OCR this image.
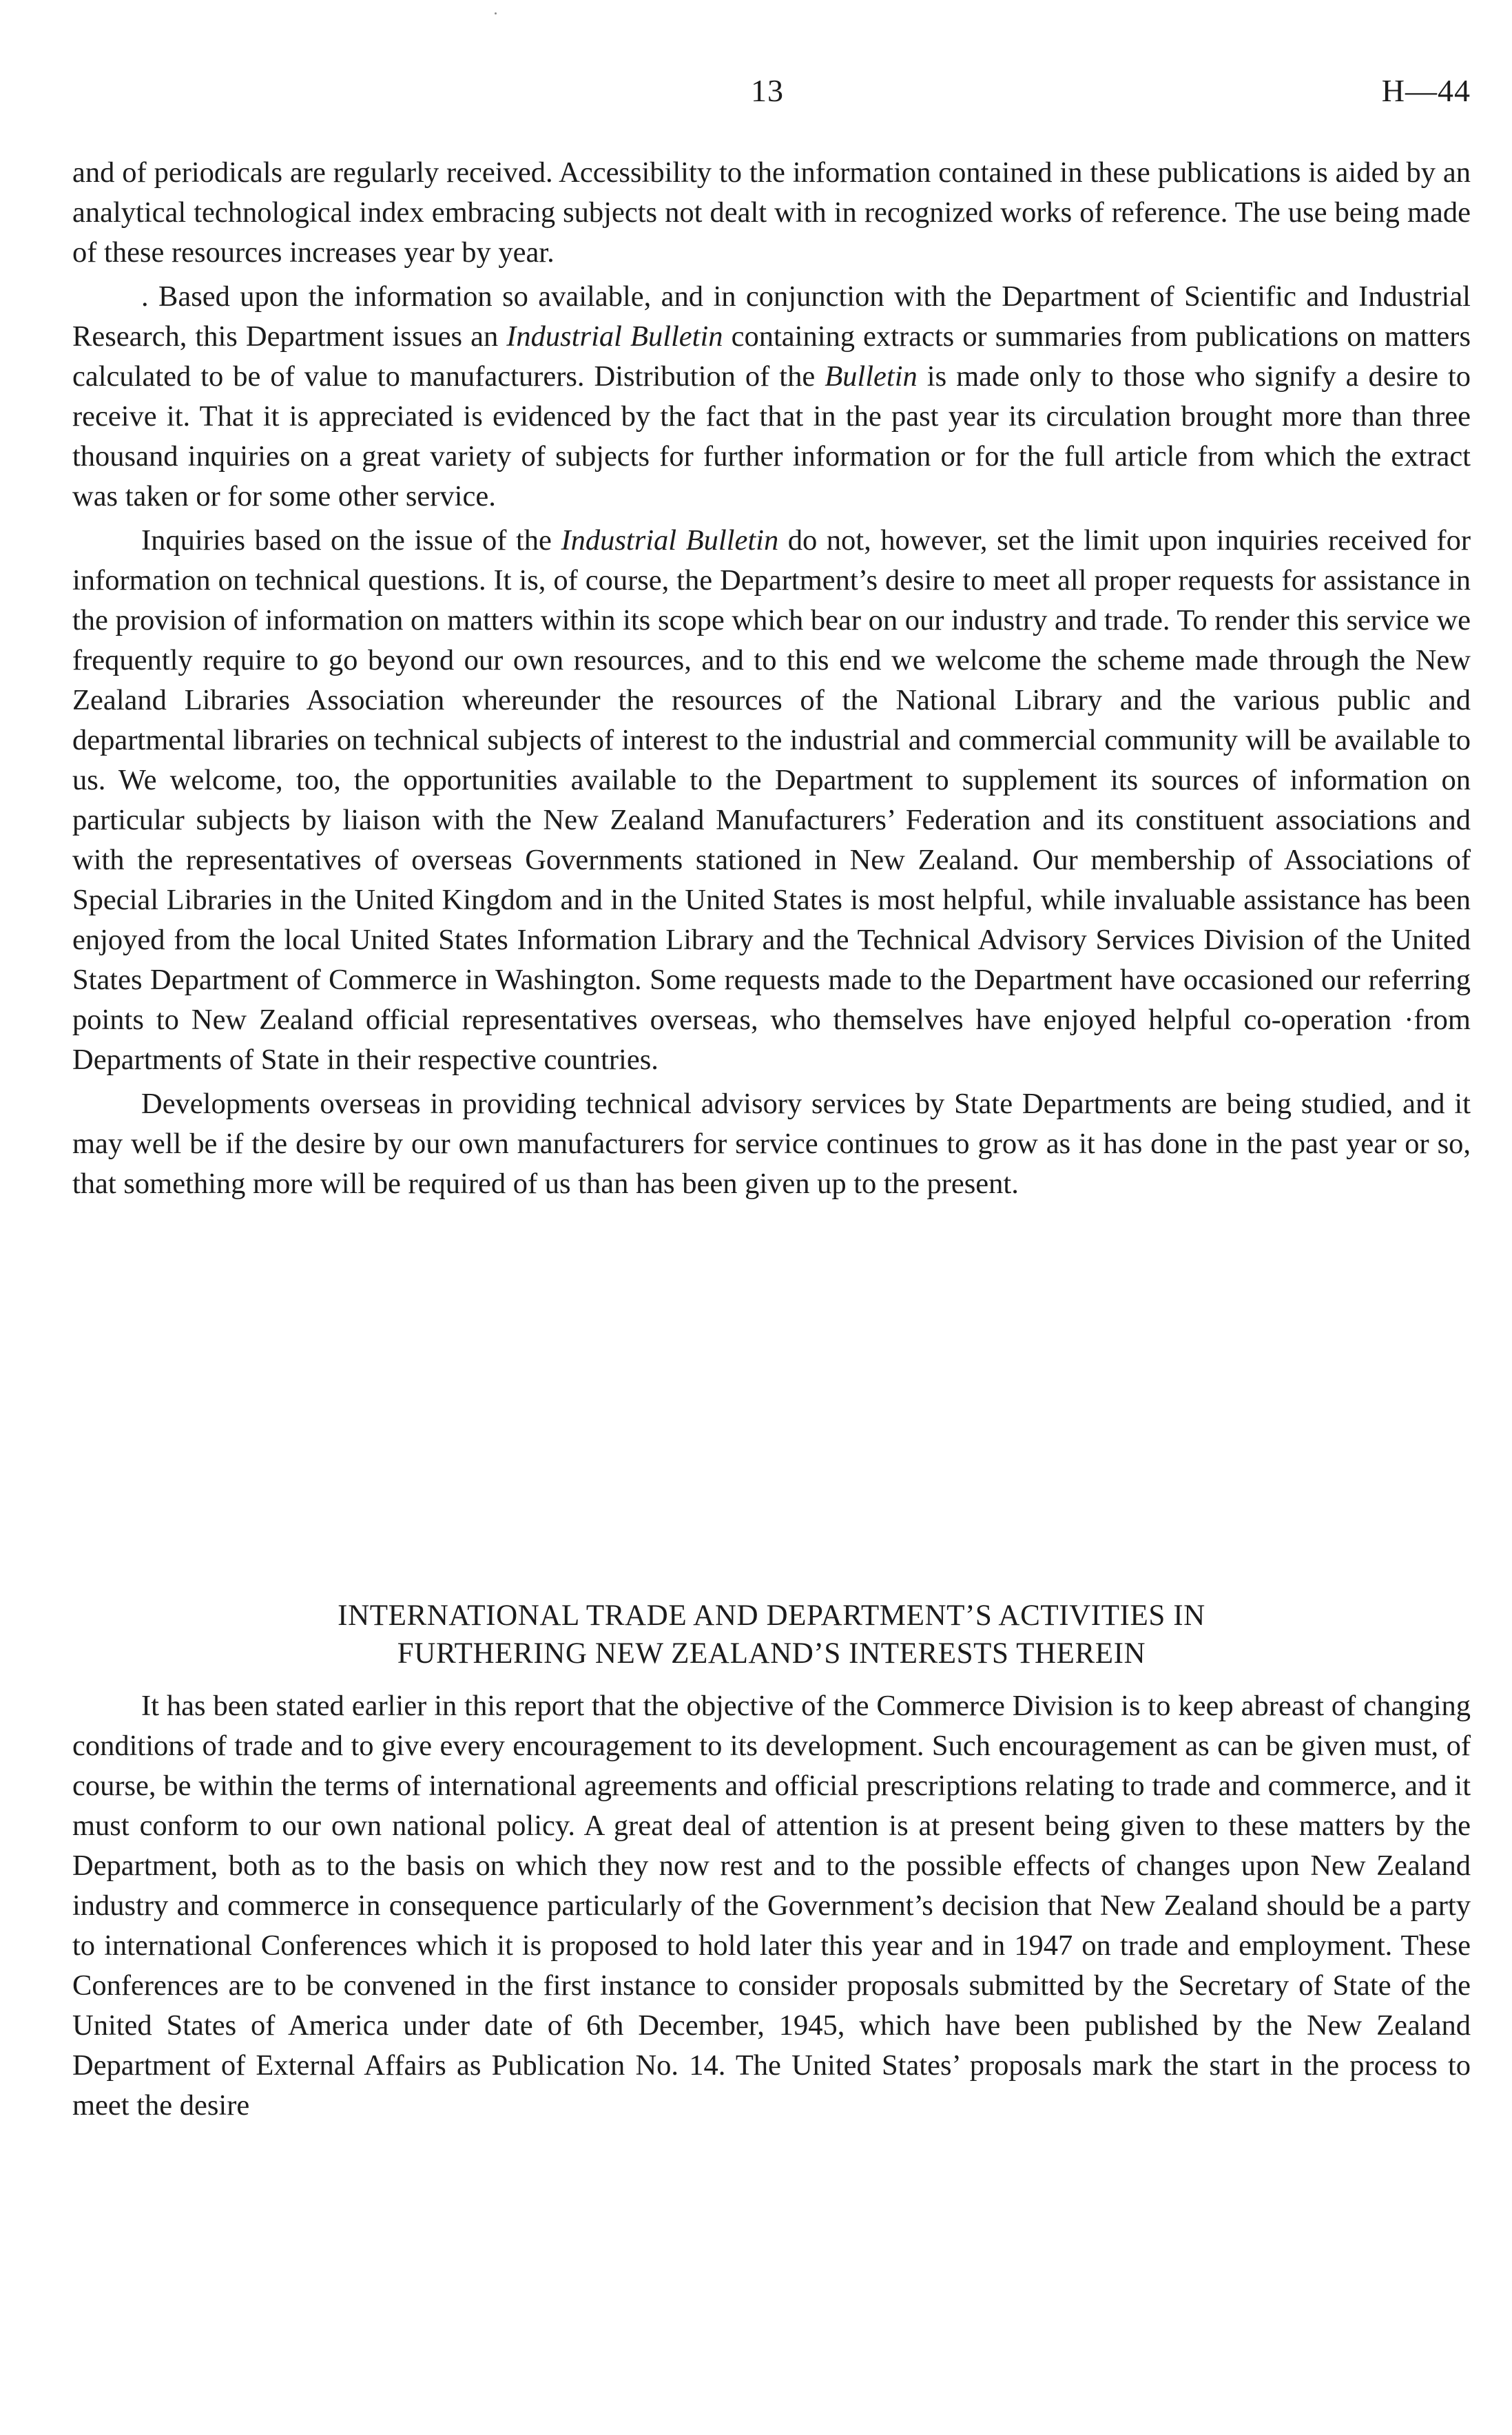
13	H—44

and of periodicals are regularly received. Accessibility to the information contained in these publications is aided by an analytical technological index embracing subjects not dealt with in recognized works of reference. The use being made of these resources increases year by year.

. Based upon the information so available, and in conjunction with the Department of Scientific and Industrial Research, this Department issues an Industrial Bulletin containing extracts or summaries from publications on matters calculated to be of value to manufacturers. Distribution of the Bulletin is made only to those who signify a desire to receive it. That it is appreciated is evidenced by the fact that in the past year its circulation brought more than three thousand inquiries on a great variety of subjects for further information or for the full article from which the extract was taken or for some other service.

Inquiries based on the issue of the Industrial Bulletin do not, however, set the limit upon inquiries received for information on technical questions. It is, of course, the Department’s desire to meet all proper requests for assistance in the provision of information on matters within its scope which bear on our industry and trade. To render this service we frequently require to go beyond our own resources, and to this end we welcome the scheme made through the New Zealand Libraries Association whereunder the resources of the National Library and the various public and departmental libraries on technical subjects of interest to the industrial and commercial community will be available to us. We welcome, too, the opportunities available to the Department to supplement its sources of information on particular subjects by liaison with the New Zealand Manufacturers’ Federation and its constituent associations and with the representatives of overseas Governments stationed in New Zealand. Our membership of Associations of Special Libraries in the United Kingdom and in the United States is most helpful, while invaluable assistance has been enjoyed from the local United States Information Library and the Technical Advisory Services Division of the United States Department of Commerce in Washington. Some requests made to the Department have occasioned our referring points to New Zealand official representatives overseas, who themselves have enjoyed helpful co-operation ·from Departments of State in their respective countries.

Developments overseas in providing technical advisory services by State Departments are being studied, and it may well be if the desire by our own manufacturers for service continues to grow as it has done in the past year or so, that something more will be required of us than has been given up to the present.

INTERNATIONAL TRADE AND DEPARTMENT’S ACTIVITIES IN
FURTHERING NEW ZEALAND’S INTERESTS THEREIN

It has been stated earlier in this report that the objective of the Commerce Division is to keep abreast of changing conditions of trade and to give every encouragement to its development. Such encouragement as can be given must, of course, be within the terms of international agreements and official prescriptions relating to trade and commerce, and it must conform to our own national policy. A great deal of attention is at present being given to these matters by the Department, both as to the basis on which they now rest and to the possible effects of changes upon New Zealand industry and commerce in consequence particularly of the Government’s decision that New Zealand should be a party to international Conferences which it is proposed to hold later this year and in 1947 on trade and employment. These Conferences are to be convened in the first instance to consider proposals submitted by the Secretary of State of the United States of America under date of 6th December, 1945, which have been published by the New Zealand Department of External Affairs as Publication No. 14. The United States’ proposals mark the start in the process to meet the desire
